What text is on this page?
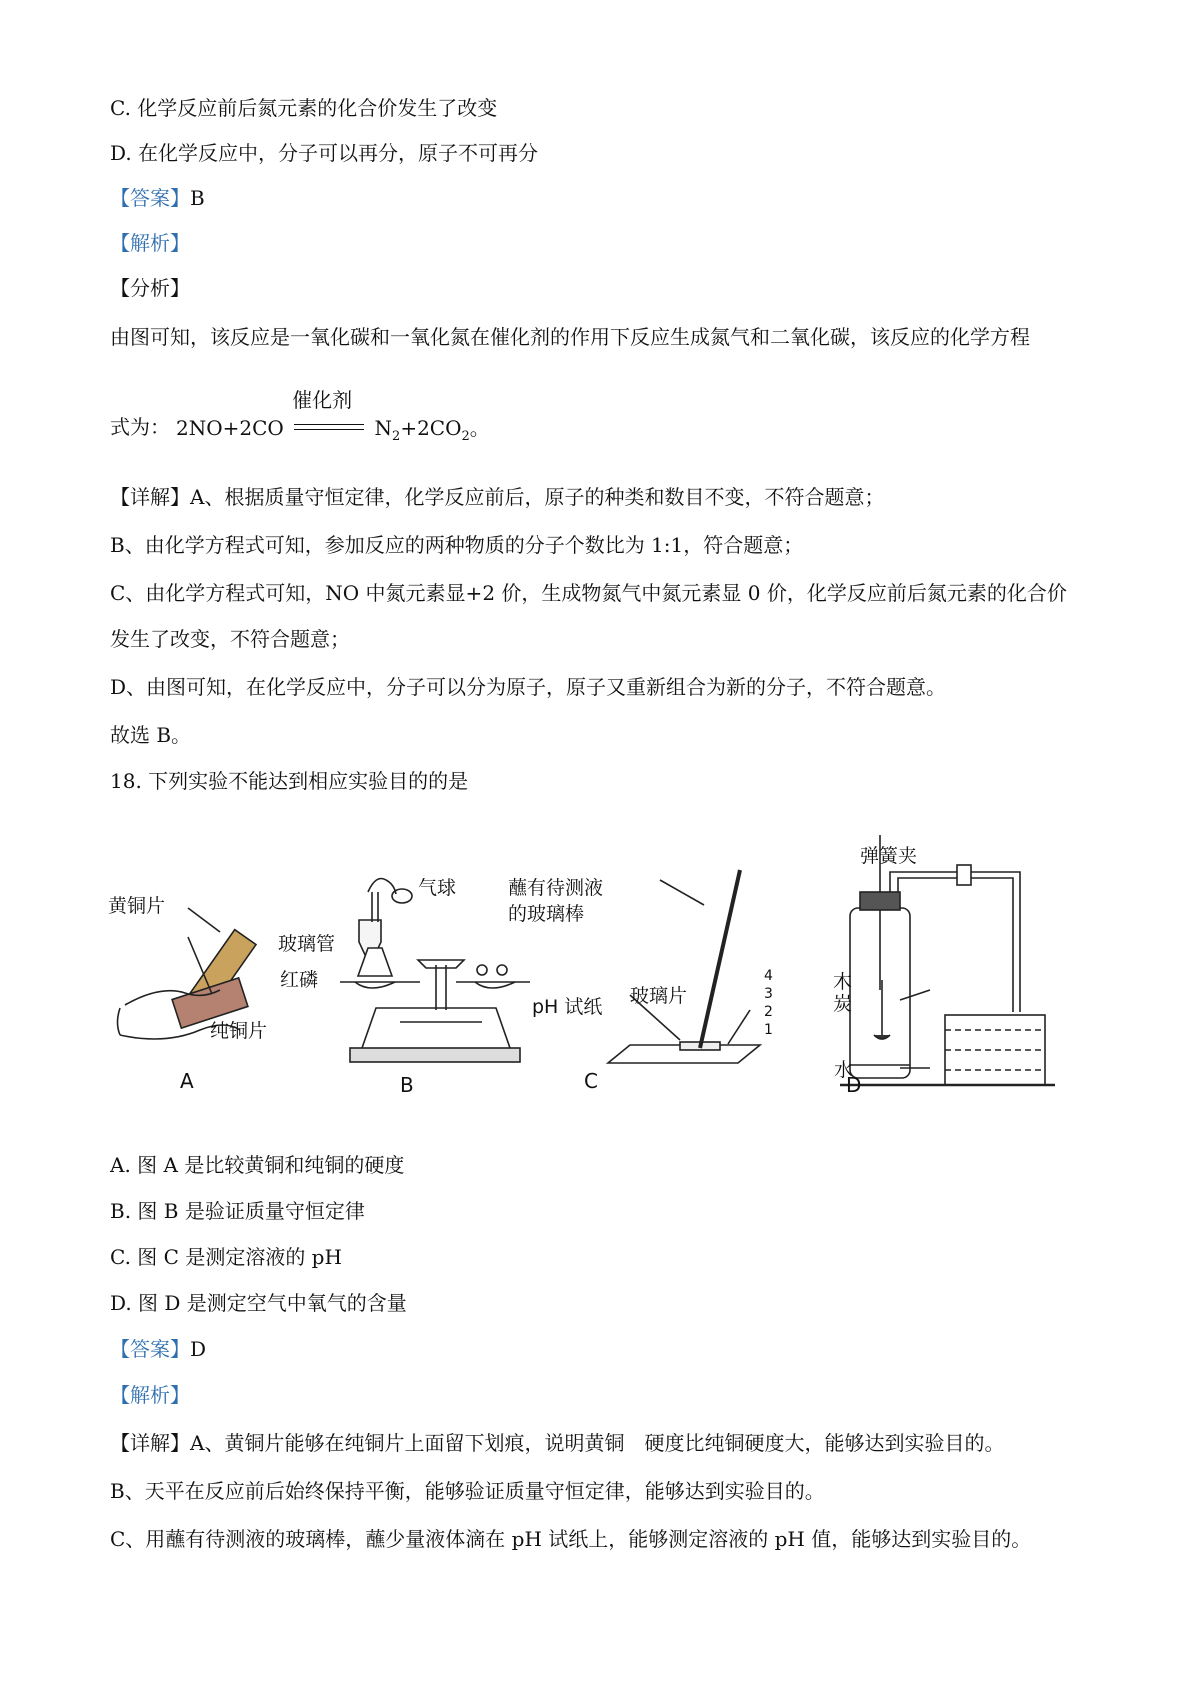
C. 化学反应前后氮元素的化合价发生了改变
D. 在化学反应中，分子可以再分，原子不可再分
【答案】B
【解析】
【分析】
由图可知，该反应是一氧化碳和一氧化氮在催化剂的作用下反应生成氮气和二氧化碳，该反应的化学方程
式为： 2NO+2CO
催化剂
$N_2+2CO_2$。
【详解】A、根据质量守恒定律，化学反应前后，原子的种类和数目不变，不符合题意；
B、由化学方程式可知，参加反应的两种物质的分子个数比为 1:1，符合题意；
C、由化学方程式可知，NO 中氮元素显+2 价，生成物氮气中氮元素显 0 价，化学反应前后氮元素的化合价
发生了改变，不符合题意；
D、由图可知，在化学反应中，分子可以分为原子，原子又重新组合为新的分子，不符合题意。
故选 B。
18. 下列实验不能达到相应实验目的的是
黄铜片
纯铜片
A
玻璃管
红磷
气球
B
蘸有待测液
的玻璃棒
pH 试纸 玻璃片
C
弹簧夹
木
炭
水
4
3
2
1
D
A. 图 A 是比较黄铜和纯铜的硬度
B. 图 B 是验证质量守恒定律
C. 图 C 是测定溶液的 pH
D. 图 D 是测定空气中氧气的含量
【答案】D
【解析】
【详解】A、黄铜片能够在纯铜片上面留下划痕，说明黄铜　硬度比纯铜硬度大，能够达到实验目的。
B、天平在反应前后始终保持平衡，能够验证质量守恒定律，能够达到实验目的。
C、用蘸有待测液的玻璃棒，蘸少量液体滴在 pH 试纸上，能够测定溶液的 pH 值，能够达到实验目的。
